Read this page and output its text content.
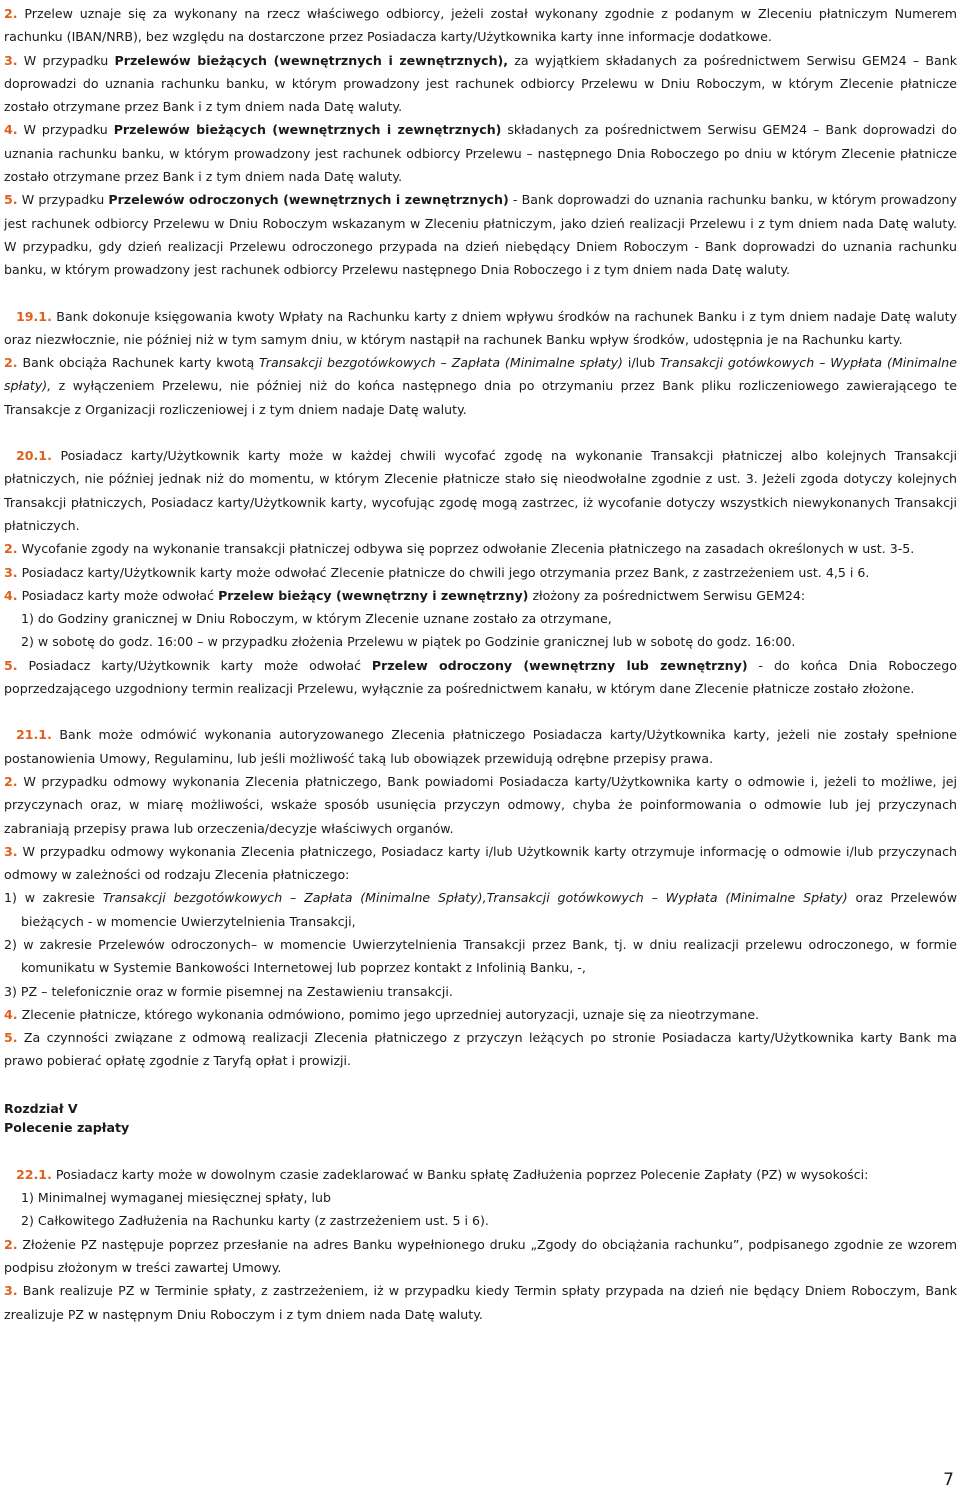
2. Przelew uznaje się za wykonany na rzecz właściwego odbiorcy, jeżeli został wykonany zgodnie z podanym w Zleceniu płatniczym Numerem rachunku (IBAN/NRB), bez względu na dostarczone przez Posiadacza karty/Użytkownika karty inne informacje dodatkowe.

3. W przypadku Przelewów bieżących (wewnętrznych i zewnętrznych), za wyjątkiem składanych za pośrednictwem Serwisu GEM24 – Bank doprowadzi do uznania rachunku banku, w którym prowadzony jest rachunek odbiorcy Przelewu w Dniu Roboczym, w którym Zlecenie płatnicze zostało otrzymane przez Bank i z tym dniem nada Datę waluty.

4. W przypadku Przelewów bieżących (wewnętrznych i zewnętrznych) składanych za pośrednictwem Serwisu GEM24 – Bank doprowadzi do uznania rachunku banku, w którym prowadzony jest rachunek odbiorcy Przelewu – następnego Dnia Roboczego po dniu w którym Zlecenie płatnicze zostało otrzymane przez Bank i z tym dniem nada Datę waluty.

5. W przypadku Przelewów odroczonych (wewnętrznych i zewnętrznych) - Bank doprowadzi do uznania rachunku banku, w którym prowadzony jest rachunek odbiorcy Przelewu w Dniu Roboczym wskazanym w Zleceniu płatniczym, jako dzień realizacji Przelewu i z tym dniem nada Datę waluty. W przypadku, gdy dzień realizacji Przelewu odroczonego przypada na dzień niebędący Dniem Roboczym - Bank doprowadzi do uznania rachunku banku, w którym prowadzony jest rachunek odbiorcy Przelewu następnego Dnia Roboczego i z tym dniem nada Datę waluty.

19.1. Bank dokonuje księgowania kwoty Wpłaty na Rachunku karty z dniem wpływu środków na rachunek Banku i z tym dniem nadaje Datę waluty oraz niezwłocznie, nie później niż w tym samym dniu, w którym nastąpił na rachunek Banku wpływ środków, udostępnia je na Rachunku karty.

2. Bank obciąża Rachunek karty kwotą Transakcji bezgotówkowych – Zapłata (Minimalne spłaty) i/lub Transakcji gotówkowych – Wypłata (Minimalne spłaty), z wyłączeniem Przelewu, nie później niż do końca następnego dnia po otrzymaniu przez Bank pliku rozliczeniowego zawierającego te Transakcje z Organizacji rozliczeniowej i z tym dniem nadaje Datę waluty.

20.1. Posiadacz karty/Użytkownik karty może w każdej chwili wycofać zgodę na wykonanie Transakcji płatniczej albo kolejnych Transakcji płatniczych, nie później jednak niż do momentu, w którym Zlecenie płatnicze stało się nieodwołalne zgodnie z ust. 3. Jeżeli zgoda dotyczy kolejnych Transakcji płatniczych, Posiadacz karty/Użytkownik karty, wycofując zgodę mogą zastrzec, iż wycofanie dotyczy wszystkich niewykonanych Transakcji płatniczych.

2. Wycofanie zgody na wykonanie transakcji płatniczej odbywa się poprzez odwołanie Zlecenia płatniczego na zasadach określonych w ust. 3-5.

3. Posiadacz karty/Użytkownik karty może odwołać Zlecenie płatnicze do chwili jego otrzymania przez Bank, z zastrzeżeniem ust. 4,5 i 6.

4. Posiadacz karty może odwołać Przelew bieżący (wewnętrzny i zewnętrzny) złożony za pośrednictwem Serwisu GEM24:

1) do Godziny granicznej w Dniu Roboczym, w którym Zlecenie uznane zostało za otrzymane,

2) w sobotę do godz. 16:00 – w przypadku złożenia Przelewu w piątek po Godzinie granicznej lub w sobotę do godz. 16:00.

5. Posiadacz karty/Użytkownik karty może odwołać Przelew odroczony (wewnętrzny lub zewnętrzny) - do końca Dnia Roboczego poprzedzającego uzgodniony termin realizacji Przelewu, wyłącznie za pośrednictwem kanału, w którym dane Zlecenie płatnicze zostało złożone.

21.1. Bank może odmówić wykonania autoryzowanego Zlecenia płatniczego Posiadacza karty/Użytkownika karty, jeżeli nie zostały spełnione postanowienia Umowy, Regulaminu, lub jeśli możliwość taką lub obowiązek przewidują odrębne przepisy prawa.

2. W przypadku odmowy wykonania Zlecenia płatniczego, Bank powiadomi Posiadacza karty/Użytkownika karty o odmowie i, jeżeli to możliwe, jej przyczynach oraz, w miarę możliwości, wskaże sposób usunięcia przyczyn odmowy, chyba że poinformowania o odmowie lub jej przyczynach zabraniają przepisy prawa lub orzeczenia/decyzje właściwych organów.

3. W przypadku odmowy wykonania Zlecenia płatniczego, Posiadacz karty i/lub Użytkownik karty otrzymuje informację o odmowie i/lub przyczynach odmowy w zależności od rodzaju Zlecenia płatniczego:

1) w zakresie Transakcji bezgotówkowych – Zapłata (Minimalne Spłaty),Transakcji gotówkowych – Wypłata (Minimalne Spłaty) oraz Przelewów bieżących - w momencie Uwierzytelnienia Transakcji,

2) w zakresie Przelewów odroczonych– w momencie Uwierzytelnienia Transakcji przez Bank, tj. w dniu realizacji przelewu odroczonego, w formie komunikatu w Systemie Bankowości Internetowej lub poprzez kontakt z Infolinią Banku, -,

3) PZ – telefonicznie oraz w formie pisemnej na Zestawieniu transakcji.

4. Zlecenie płatnicze, którego wykonania odmówiono, pomimo jego uprzedniej autoryzacji, uznaje się za nieotrzymane.

5. Za czynności związane z odmową realizacji Zlecenia płatniczego z przyczyn leżących po stronie Posiadacza karty/Użytkownika karty Bank ma prawo pobierać opłatę zgodnie z Taryfą opłat i prowizji.

Rozdział V

Polecenie zapłaty

22.1. Posiadacz karty może w dowolnym czasie zadeklarować w Banku spłatę Zadłużenia poprzez Polecenie Zapłaty (PZ) w wysokości:

1) Minimalnej wymaganej miesięcznej spłaty, lub

2) Całkowitego Zadłużenia na Rachunku karty (z zastrzeżeniem ust. 5 i 6).

2. Złożenie PZ następuje poprzez przesłanie na adres Banku wypełnionego druku „Zgody do obciążania rachunku”, podpisanego zgodnie ze wzorem podpisu złożonym w treści zawartej Umowy.

3. Bank realizuje PZ w Terminie spłaty, z zastrzeżeniem, iż w przypadku kiedy Termin spłaty przypada na dzień nie będący Dniem Roboczym, Bank zrealizuje PZ w następnym Dniu Roboczym i z tym dniem nada Datę waluty.

7
